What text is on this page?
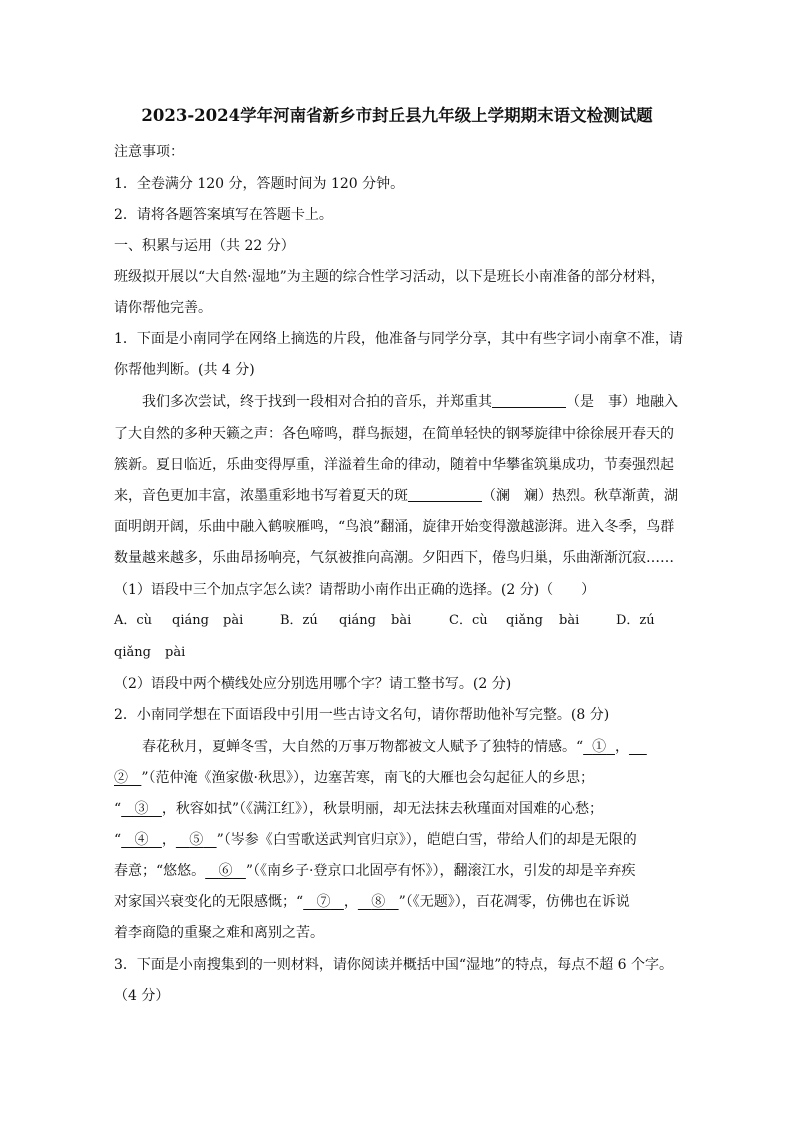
2023-2024学年河南省新乡市封丘县九年级上学期期末语文检测试题
注意事项：
1．全卷满分 120 分，答题时间为 120 分钟。
2．请将各题答案填写在答题卡上。
一、积累与运用（共 22 分）
班级拟开展以“大自然·湿地”为主题的综合性学习活动，以下是班长小南准备的部分材料，
请你帮他完善。
1．下面是小南同学在网络上摘选的片段，他准备与同学分享，其中有些字词小南拿不准，请
你帮他判断。(共 4 分)
我们多次尝试，终于找到一段相对合拍的音乐，并郑重其	（是　事）地融入
了大自然的多种天籁之声：各色啼鸣，群鸟振翅，在简单轻快的钢琴旋律中徐徐展开春天的
簇新。夏日临近，乐曲变得厚重，洋溢着生命的律动，随着中华攀雀筑巢成功，节奏强烈起
来，音色更加丰富，浓墨重彩地书写着夏天的斑	（澜　斓）热烈。秋草渐黄，湖
面明朗开阔，乐曲中融入鹤唳雁鸣，“鸟浪”翻涌，旋律开始变得激越澎湃。进入冬季，鸟群
数量越来越多，乐曲昂扬响亮，气氛被推向高潮。夕阳西下，倦鸟归巢，乐曲渐渐沉寂……
（1）语段中三个加点字怎么读？请帮助小南作出正确的选择。(2 分)（　　）
A．cù qiáng pài	B．zú qiáng bài	C．cù qiǎng bài	D．zú
qiǎng pài
（2）语段中两个横线处应分别选用哪个字？请工整书写。(2 分)
2．小南同学想在下面语段中引用一些古诗文名句，请你帮助他补写完整。(8 分)
春花秋月，夏蝉冬雪，大自然的万事万物都被文人赋予了独特的情感。“ ① ，
② ”（范仲淹《渔家傲·秋思》），边塞苦寒，南飞的大雁也会勾起征人的乡思；
“ ③ ，秋容如拭”（《满江红》），秋景明丽，却无法抹去秋瑾面对国难的心愁；
“ ④ ， ⑤ ”（岑参《白雪歌送武判官归京》），皑皑白雪，带给人们的却是无限的
春意；“悠悠。 ⑥ ”（《南乡子·登京口北固亭有怀》），翻滚江水，引发的却是辛弃疾
对家国兴衰变化的无限感慨；“ ⑦ ， ⑧ ”（《无题》），百花凋零，仿佛也在诉说
着李商隐的重聚之难和离别之苦。
3．下面是小南搜集到的一则材料，请你阅读并概括中国“湿地”的特点，每点不超 6 个字。
（4 分）
